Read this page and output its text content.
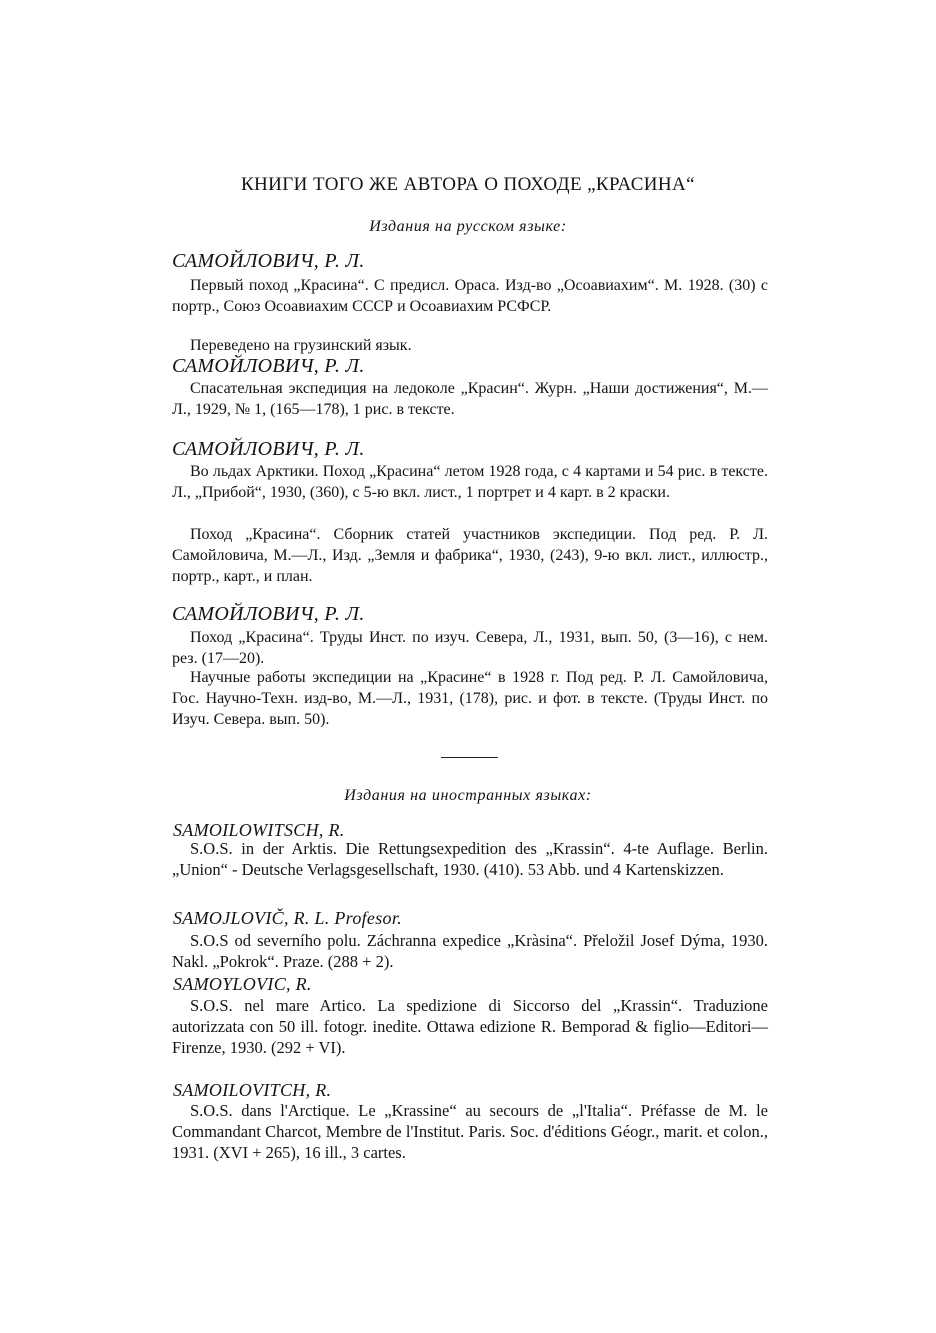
КНИГИ ТОГО ЖЕ АВТОРА О ПОХОДЕ „КРАСИНА“
Издания на русском языке:
САМОЙЛОВИЧ, Р. Л.
Первый поход „Красина“. С предисл. Ораса. Изд-во „Осоавиахим“. М. 1928. (30) с портр., Союз Осоавиахим СССР и Осоавиахим РСФСР.
Переведено на грузинский язык.
САМОЙЛОВИЧ, Р. Л.
Спасательная экспедиция на ледоколе „Красин“. Журн. „Наши достижения“, М.—Л., 1929, № 1, (165—178), 1 рис. в тексте.
САМОЙЛОВИЧ, Р. Л.
Во льдах Арктики. Поход „Красина“ летом 1928 года, с 4 картами и 54 рис. в тексте. Л., „Прибой“, 1930, (360), с 5-ю вкл. лист., 1 портрет и 4 карт. в 2 краски.
Поход „Красина“. Сборник статей участников экспедиции. Под ред. Р. Л. Самойловича, М.—Л., Изд. „Земля и фабрика“, 1930, (243), 9-ю вкл. лист., иллюстр., портр., карт., и план.
САМОЙЛОВИЧ, Р. Л.
Поход „Красина“. Труды Инст. по изуч. Севера, Л., 1931, вып. 50, (3—16), с нем. рез. (17—20).
Научные работы экспедиции на „Красине“ в 1928 г. Под ред. Р. Л. Самойловича, Гос. Научно-Техн. изд-во, М.—Л., 1931, (178), рис. и фот. в тексте. (Труды Инст. по Изуч. Севера. вып. 50).
Издания на иностранных языках:
SAMOILOWITSCH, R.
S.O.S. in der Arktis. Die Rettungsexpedition des „Krassin“. 4-te Auflage. Berlin. „Union“ - Deutsche Verlagsgesellschaft, 1930. (410). 53 Abb. und 4 Kartenskizzen.
SAMOJLOVIČ, R. L. Profesor.
S.O.S od severního polu. Záchranna expedice „Kràsina“. Přeložil Josef Dýma, 1930. Nakl. „Pokrok“. Praze. (288 + 2).
SAMOYLOVIC, R.
S.O.S. nel mare Artico. La spedizione di Siccorso del „Krassin“. Traduzione autorizzata con 50 ill. fotogr. inedite. Ottawa edizione R. Bemporad & figlio—Editori—Firenze, 1930. (292 + VI).
SAMOILOVITCH, R.
S.O.S. dans l'Arctique. Le „Krassine“ au secours de „l'Italia“. Préfasse de M. le Commandant Charcot, Membre de l'Institut. Paris. Soc. d'éditions Géogr., marit. et colon., 1931. (XVI + 265), 16 ill., 3 cartes.
